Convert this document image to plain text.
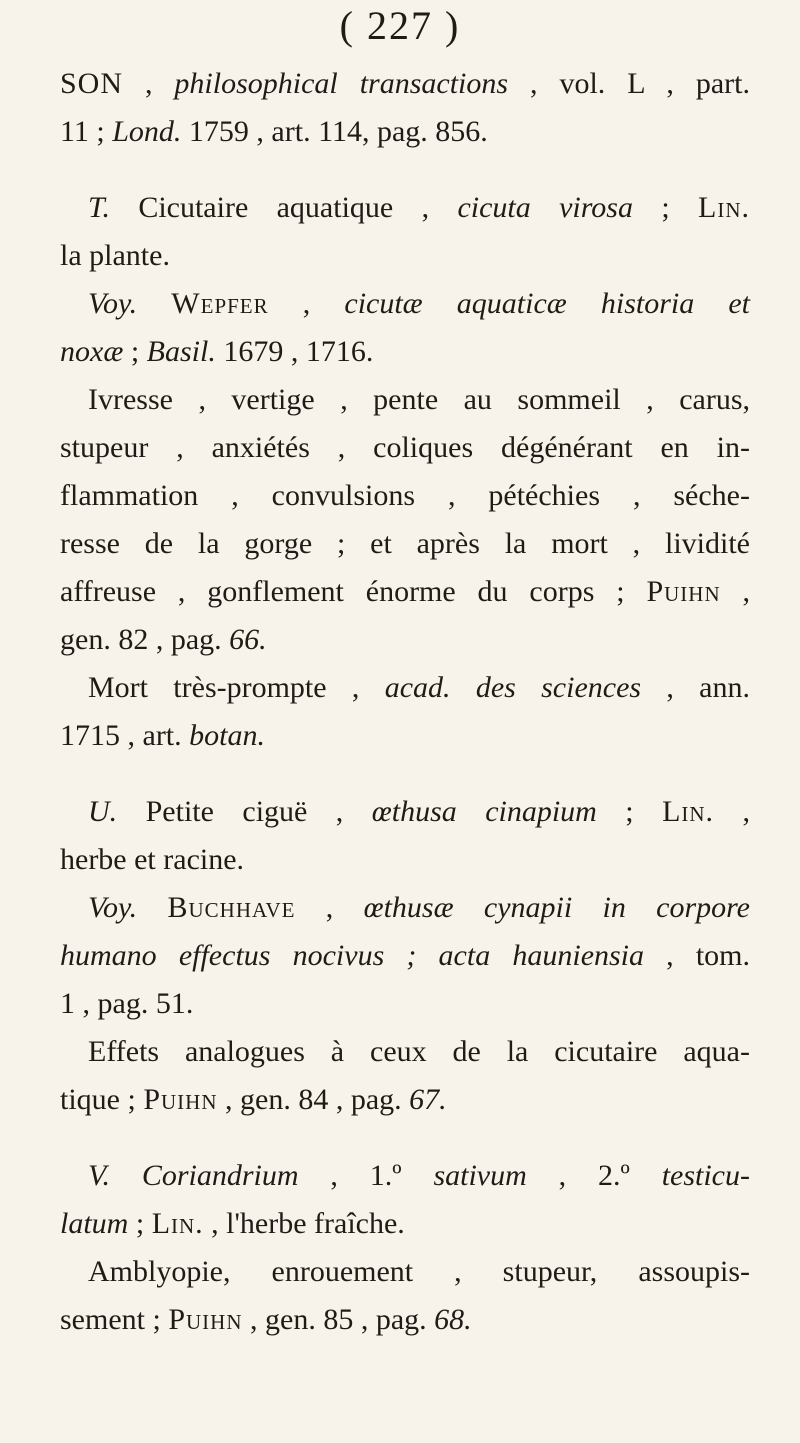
( 227 )
SON , philosophical transactions , vol. L , part.
11 ; Lond. 1759 , art. 114, pag. 856.
T. Cicutaire aquatique , cicuta virosa ; Lin.
la plante.
Voy. Wepfer , cicutæ aquaticæ historia et
noxæ ; Basil. 1679 , 1716.
Ivresse , vertige , pente au sommeil , carus,
stupeur , anxiétés , coliques dégénérant en in-
flammation , convulsions , pétéchies , séche-
resse de la gorge ; et après la mort , lividité
affreuse , gonflement énorme du corps ; Puihn ,
gen. 82 , pag. 66.
Mort très-prompte , acad. des sciences , ann.
1715 , art. botan.
U. Petite ciguë , œthusa cinapium ; Lin. ,
herbe et racine.
Voy. Buchhave , œthusæ cynapii in corpore
humano effectus nocivus ; acta hauniensia , tom.
1 , pag. 51.
Effets analogues à ceux de la cicutaire aqua-
tique ; Puihn , gen. 84 , pag. 67.
V. Coriandrium , 1.º sativum , 2.º testicu-
latum ; Lin. , l'herbe fraîche.
Amblyopie, enrouement , stupeur, assoupis-
sement ; Puihn , gen. 85 , pag. 68.
